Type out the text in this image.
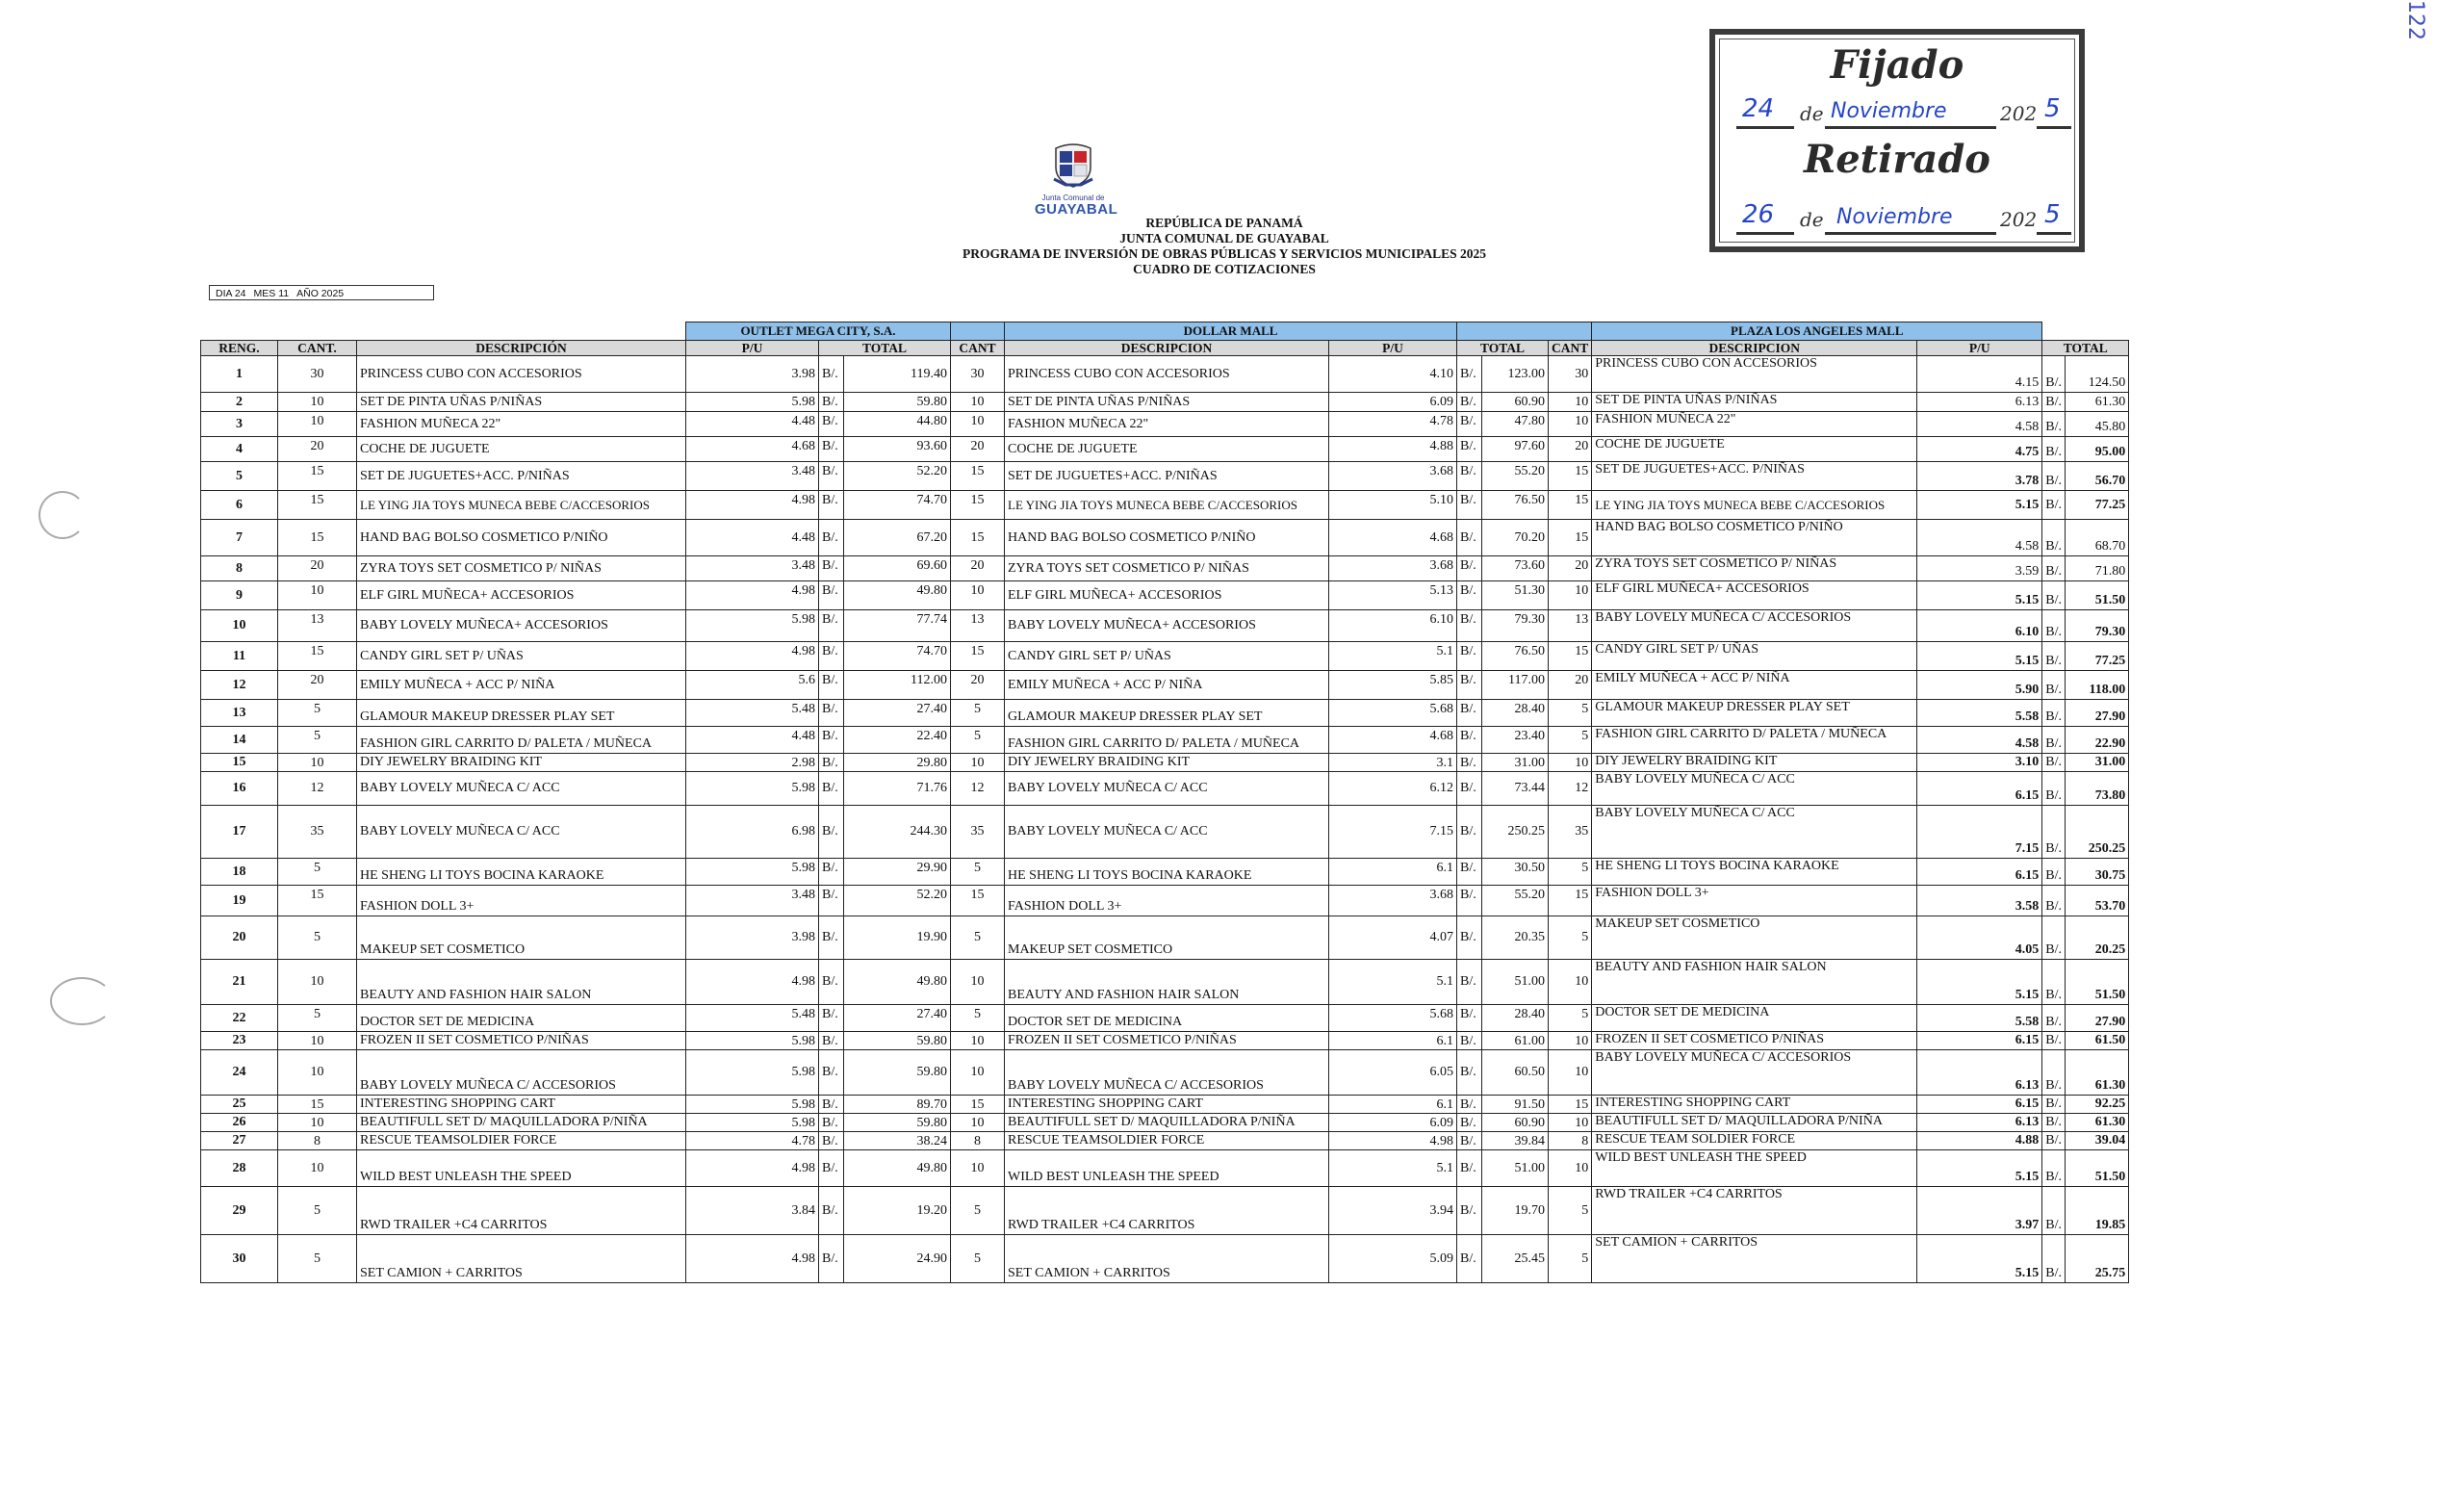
122
Junta Comunal de
GUAYABAL
REPÚBLICA DE PANAMÁ
JUNTA COMUNAL DE GUAYABAL
PROGRAMA DE INVERSIÓN DE OBRAS PÚBLICAS Y SERVICIOS MUNICIPALES 2025
CUADRO DE COTIZACIONES
DIA 24 MES 11 AÑO 2025
Fijado
24 de Noviembre	202 5
Retirado
26 de Noviembre 202 5
			OUTLET MEGA CITY, S.A.				DOLLAR MALL					PLAZA LOS ANGELES MALL			
RENG.	CANT.	DESCRIPCIÓN	P/U	TOTAL		CANT	DESCRIPCION	P/U	TOTAL		CANT	DESCRIPCION	P/U	TOTAL	
1	30	PRINCESS CUBO CON ACCESORIOS	3.98	B/.	119.40	30	PRINCESS CUBO CON ACCESORIOS	4.10	B/.	123.00	30	PRINCESS CUBO CON ACCESORIOS	4.15	B/.	124.50
2	10	SET DE PINTA UÑAS P/NIÑAS	5.98	B/.	59.80	10	SET DE PINTA UÑAS P/NIÑAS	6.09	B/.	60.90	10	SET DE PINTA UÑAS P/NIÑAS	6.13	B/.	61.30
3	10	FASHION MUÑECA 22"	4.48	B/.	44.80	10	FASHION MUÑECA 22"	4.78	B/.	47.80	10	FASHION MUÑECA 22"	4.58	B/.	45.80
4	20	COCHE DE JUGUETE	4.68	B/.	93.60	20	COCHE DE JUGUETE	4.88	B/.	97.60	20	COCHE DE JUGUETE	4.75	B/.	95.00
5	15	SET DE JUGUETES+ACC. P/NIÑAS	3.48	B/.	52.20	15	SET DE JUGUETES+ACC. P/NIÑAS	3.68	B/.	55.20	15	SET DE JUGUETES+ACC. P/NIÑAS	3.78	B/.	56.70
6	15	LE YING JIA TOYS MUNECA BEBE C/ACCESORIOS	4.98	B/.	74.70	15	LE YING JIA TOYS MUNECA BEBE C/ACCESORIOS	5.10	B/.	76.50	15	LE YING JIA TOYS MUNECA BEBE C/ACCESORIOS	5.15	B/.	77.25
7	15	HAND BAG BOLSO COSMETICO P/NIÑO	4.48	B/.	67.20	15	HAND BAG BOLSO COSMETICO P/NIÑO	4.68	B/.	70.20	15	HAND BAG BOLSO COSMETICO P/NIÑO	4.58	B/.	68.70
8	20	ZYRA TOYS SET COSMETICO P/ NIÑAS	3.48	B/.	69.60	20	ZYRA TOYS SET COSMETICO P/ NIÑAS	3.68	B/.	73.60	20	ZYRA TOYS SET COSMETICO P/ NIÑAS	3.59	B/.	71.80
9	10	ELF GIRL MUÑECA+ ACCESORIOS	4.98	B/.	49.80	10	ELF GIRL MUÑECA+ ACCESORIOS	5.13	B/.	51.30	10	ELF GIRL MUÑECA+ ACCESORIOS	5.15	B/.	51.50
10	13	BABY LOVELY MUÑECA+ ACCESORIOS	5.98	B/.	77.74	13	BABY LOVELY MUÑECA+ ACCESORIOS	6.10	B/.	79.30	13	BABY LOVELY MUÑECA C/ ACCESORIOS	6.10	B/.	79.30
11	15	CANDY GIRL SET P/ UÑAS	4.98	B/.	74.70	15	CANDY GIRL SET P/ UÑAS	5.1	B/.	76.50	15	CANDY GIRL SET P/ UÑAS	5.15	B/.	77.25
12	20	EMILY MUÑECA + ACC P/ NIÑA	5.6	B/.	112.00	20	EMILY MUÑECA + ACC P/ NIÑA	5.85	B/.	117.00	20	EMILY MUÑECA + ACC P/ NIÑA	5.90	B/.	118.00
13	5	GLAMOUR MAKEUP DRESSER PLAY SET	5.48	B/.	27.40	5	GLAMOUR MAKEUP DRESSER PLAY SET	5.68	B/.	28.40	5	GLAMOUR MAKEUP DRESSER PLAY SET	5.58	B/.	27.90
14	5	FASHION GIRL CARRITO D/ PALETA / MUÑECA	4.48	B/.	22.40	5	FASHION GIRL CARRITO D/ PALETA / MUÑECA	4.68	B/.	23.40	5	FASHION GIRL CARRITO D/ PALETA / MUÑECA	4.58	B/.	22.90
15	10	DIY JEWELRY BRAIDING KIT	2.98	B/.	29.80	10	DIY JEWELRY BRAIDING KIT	3.1	B/.	31.00	10	DIY JEWELRY BRAIDING KIT	3.10	B/.	31.00
16	12	BABY LOVELY MUÑECA C/ ACC	5.98	B/.	71.76	12	BABY LOVELY MUÑECA C/ ACC	6.12	B/.	73.44	12	BABY LOVELY MUÑECA C/ ACC	6.15	B/.	73.80
17	35	BABY LOVELY MUÑECA C/ ACC	6.98	B/.	244.30	35	BABY LOVELY MUÑECA C/ ACC	7.15	B/.	250.25	35	BABY LOVELY MUÑECA C/ ACC	7.15	B/.	250.25
18	5	HE SHENG LI TOYS BOCINA KARAOKE	5.98	B/.	29.90	5	HE SHENG LI TOYS BOCINA KARAOKE	6.1	B/.	30.50	5	HE SHENG LI TOYS BOCINA KARAOKE	6.15	B/.	30.75
19	15	FASHION DOLL 3+	3.48	B/.	52.20	15	FASHION DOLL 3+	3.68	B/.	55.20	15	FASHION DOLL 3+	3.58	B/.	53.70
20	5	MAKEUP SET COSMETICO	3.98	B/.	19.90	5	MAKEUP SET COSMETICO	4.07	B/.	20.35	5	MAKEUP SET COSMETICO	4.05	B/.	20.25
21	10	BEAUTY AND FASHION HAIR SALON	4.98	B/.	49.80	10	BEAUTY AND FASHION HAIR SALON	5.1	B/.	51.00	10	BEAUTY AND FASHION HAIR SALON	5.15	B/.	51.50
22	5	DOCTOR SET DE MEDICINA	5.48	B/.	27.40	5	DOCTOR SET DE MEDICINA	5.68	B/.	28.40	5	DOCTOR SET DE MEDICINA	5.58	B/.	27.90
23	10	FROZEN II SET COSMETICO P/NIÑAS	5.98	B/.	59.80	10	FROZEN II SET COSMETICO P/NIÑAS	6.1	B/.	61.00	10	FROZEN II SET COSMETICO P/NIÑAS	6.15	B/.	61.50
24	10	BABY LOVELY MUÑECA C/ ACCESORIOS	5.98	B/.	59.80	10	BABY LOVELY MUÑECA C/ ACCESORIOS	6.05	B/.	60.50	10	BABY LOVELY MUÑECA C/ ACCESORIOS	6.13	B/.	61.30
25	15	INTERESTING SHOPPING CART	5.98	B/.	89.70	15	INTERESTING SHOPPING CART	6.1	B/.	91.50	15	INTERESTING SHOPPING CART	6.15	B/.	92.25
26	10	BEAUTIFULL SET D/ MAQUILLADORA P/NIÑA	5.98	B/.	59.80	10	BEAUTIFULL SET D/ MAQUILLADORA P/NIÑA	6.09	B/.	60.90	10	BEAUTIFULL SET D/ MAQUILLADORA P/NIÑA	6.13	B/.	61.30
27	8	RESCUE TEAMSOLDIER FORCE	4.78	B/.	38.24	8	RESCUE TEAMSOLDIER FORCE	4.98	B/.	39.84	8	RESCUE TEAM SOLDIER FORCE	4.88	B/.	39.04
28	10	WILD BEST UNLEASH THE SPEED	4.98	B/.	49.80	10	WILD BEST UNLEASH THE SPEED	5.1	B/.	51.00	10	WILD BEST UNLEASH THE SPEED	5.15	B/.	51.50
29	5	RWD TRAILER +C4 CARRITOS	3.84	B/.	19.20	5	RWD TRAILER +C4 CARRITOS	3.94	B/.	19.70	5	RWD TRAILER +C4 CARRITOS	3.97	B/.	19.85
30	5	SET CAMION + CARRITOS	4.98	B/.	24.90	5	SET CAMION + CARRITOS	5.09	B/.	25.45	5	SET CAMION + CARRITOS	5.15	B/.	25.75
